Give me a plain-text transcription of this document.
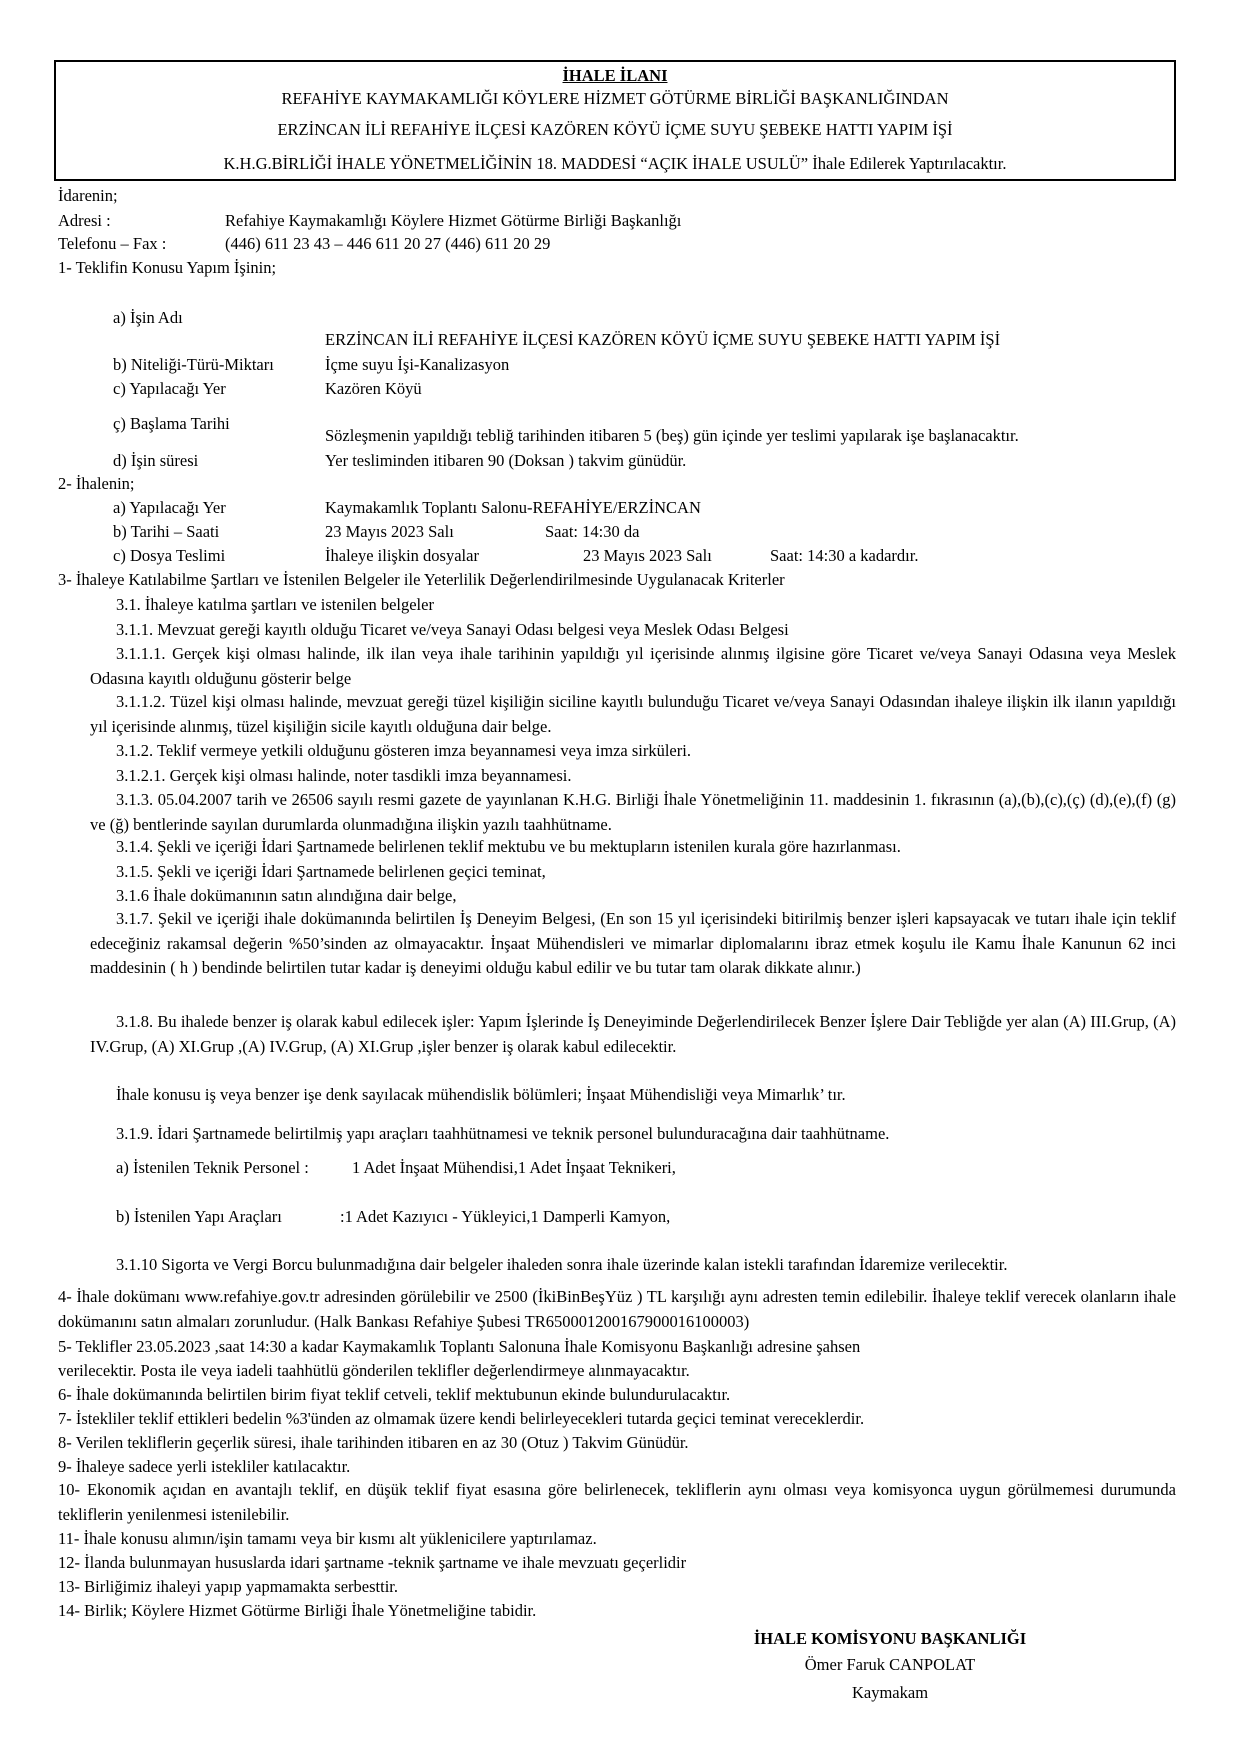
İHALE İLANI
REFAHİYE KAYMAKAMLIĞI KÖYLERE HİZMET GÖTÜRME BİRLİĞİ BAŞKANLIĞINDAN
ERZİNCAN İLİ REFAHİYE İLÇESİ KAZÖREN KÖYÜ İÇME SUYU ŞEBEKE HATTI YAPIM İŞİ
K.H.G.BİRLİĞİ İHALE YÖNETMELİĞİNİN 18. MADDESİ “AÇIK İHALE USULÜ” İhale Edilerek Yaptırılacaktır.
İdarenin;
Adresi :	Refahiye Kaymakamlığı Köylere Hizmet Götürme Birliği Başkanlığı
Telefonu – Fax :	(446) 611 23 43 – 446 611 20 27 (446) 611 20 29
1- Teklifin Konusu Yapım İşinin;
a) İşin Adı
ERZİNCAN İLİ REFAHİYE İLÇESİ KAZÖREN KÖYÜ İÇME SUYU ŞEBEKE HATTI YAPIM İŞİ
b) Niteliği-Türü-Miktarı	İçme suyu İşi-Kanalizasyon
c) Yapılacağı Yer	Kazören Köyü
ç) Başlama Tarihi
Sözleşmenin yapıldığı tebliğ tarihinden itibaren 5 (beş) gün içinde yer teslimi yapılarak işe başlanacaktır.
d) İşin süresi	Yer tesliminden itibaren 90 (Doksan ) takvim günüdür.
2- İhalenin;
a) Yapılacağı Yer	Kaymakamlık Toplantı Salonu-REFAHİYE/ERZİNCAN
b) Tarihi – Saati	23 Mayıs 2023 Salı	Saat: 14:30 da
c) Dosya Teslimi	İhaleye ilişkin dosyalar	23 Mayıs 2023 Salı	Saat: 14:30 a kadardır.
3- İhaleye Katılabilme Şartları ve İstenilen Belgeler ile Yeterlilik Değerlendirilmesinde Uygulanacak Kriterler
3.1. İhaleye katılma şartları ve istenilen belgeler
3.1.1. Mevzuat gereği kayıtlı olduğu Ticaret ve/veya Sanayi Odası belgesi veya Meslek Odası Belgesi
3.1.1.1. Gerçek kişi olması halinde, ilk ilan veya ihale tarihinin yapıldığı yıl içerisinde alınmış ilgisine göre Ticaret ve/veya Sanayi Odasına veya Meslek Odasına kayıtlı olduğunu gösterir belge
3.1.1.2. Tüzel kişi olması halinde, mevzuat gereği tüzel kişiliğin siciline kayıtlı bulunduğu Ticaret ve/veya Sanayi Odasından ihaleye ilişkin ilk ilanın yapıldığı yıl içerisinde alınmış, tüzel kişiliğin sicile kayıtlı olduğuna dair belge.
3.1.2. Teklif vermeye yetkili olduğunu gösteren imza beyannamesi veya imza sirküleri.
3.1.2.1. Gerçek kişi olması halinde, noter tasdikli imza beyannamesi.
3.1.3. 05.04.2007 tarih ve 26506 sayılı resmi gazete de yayınlanan K.H.G. Birliği İhale Yönetmeliğinin 11. maddesinin 1. fıkrasının (a),(b),(c),(ç) (d),(e),(f) (g) ve (ğ) bentlerinde sayılan durumlarda olunmadığına ilişkin yazılı taahhütname.
3.1.4. Şekli ve içeriği İdari Şartnamede belirlenen teklif mektubu ve bu mektupların istenilen kurala göre hazırlanması.
3.1.5. Şekli ve içeriği İdari Şartnamede belirlenen geçici teminat,
3.1.6 İhale dokümanının satın alındığına dair belge,
3.1.7. Şekil ve içeriği ihale dokümanında belirtilen İş Deneyim Belgesi, (En son 15 yıl içerisindeki bitirilmiş benzer işleri kapsayacak ve tutarı ihale için teklif edeceğiniz rakamsal değerin %50’sinden az olmayacaktır. İnşaat Mühendisleri ve mimarlar diplomalarını ibraz etmek koşulu ile Kamu İhale Kanunun 62 inci maddesinin ( h ) bendinde belirtilen tutar kadar iş deneyimi olduğu kabul edilir ve bu tutar tam olarak dikkate alınır.)
3.1.8. Bu ihalede benzer iş olarak kabul edilecek işler: Yapım İşlerinde İş Deneyiminde Değerlendirilecek Benzer İşlere Dair Tebliğde yer alan (A) III.Grup, (A) IV.Grup, (A) XI.Grup ,(A) IV.Grup, (A) XI.Grup ,işler benzer iş olarak kabul edilecektir.
İhale konusu iş veya benzer işe denk sayılacak mühendislik bölümleri; İnşaat Mühendisliği veya Mimarlık’ tır.
3.1.9. İdari Şartnamede belirtilmiş yapı araçları taahhütnamesi ve teknik personel bulunduracağına dair taahhütname.
a) İstenilen Teknik Personel :	1 Adet İnşaat Mühendisi,1 Adet İnşaat Teknikeri,
b) İstenilen Yapı Araçları	:1 Adet Kazıyıcı - Yükleyici,1 Damperli Kamyon,
3.1.10 Sigorta ve Vergi Borcu bulunmadığına dair belgeler ihaleden sonra ihale üzerinde kalan istekli tarafından İdaremize verilecektir.
4- İhale dokümanı www.refahiye.gov.tr adresinden görülebilir ve 2500 (İkiBinBeşYüz ) TL karşılığı aynı adresten temin edilebilir. İhaleye teklif verecek olanların ihale dokümanını satın almaları zorunludur. (Halk Bankası Refahiye Şubesi TR650001200167900016100003)
5- Teklifler 23.05.2023 ,saat 14:30 a kadar Kaymakamlık Toplantı Salonuna İhale Komisyonu Başkanlığı adresine şahsen
verilecektir. Posta ile veya iadeli taahhütlü gönderilen teklifler değerlendirmeye alınmayacaktır.
6- İhale dokümanında belirtilen birim fiyat teklif cetveli, teklif mektubunun ekinde bulundurulacaktır.
7- İstekliler teklif ettikleri bedelin %3'ünden az olmamak üzere kendi belirleyecekleri tutarda geçici teminat vereceklerdir.
8- Verilen tekliflerin geçerlik süresi, ihale tarihinden itibaren en az 30 (Otuz ) Takvim Günüdür.
9- İhaleye sadece yerli istekliler katılacaktır.
10- Ekonomik açıdan en avantajlı teklif, en düşük teklif fiyat esasına göre belirlenecek, tekliflerin aynı olması veya komisyonca uygun görülmemesi durumunda tekliflerin yenilenmesi istenilebilir.
11- İhale konusu alımın/işin tamamı veya bir kısmı alt yüklenicilere yaptırılamaz.
12- İlanda bulunmayan hususlarda idari şartname -teknik şartname ve ihale mevzuatı geçerlidir
13- Birliğimiz ihaleyi yapıp yapmamakta serbesttir.
14- Birlik; Köylere Hizmet Götürme Birliği İhale Yönetmeliğine tabidir.
İHALE KOMİSYONU BAŞKANLIĞI
Ömer Faruk CANPOLAT
Kaymakam
